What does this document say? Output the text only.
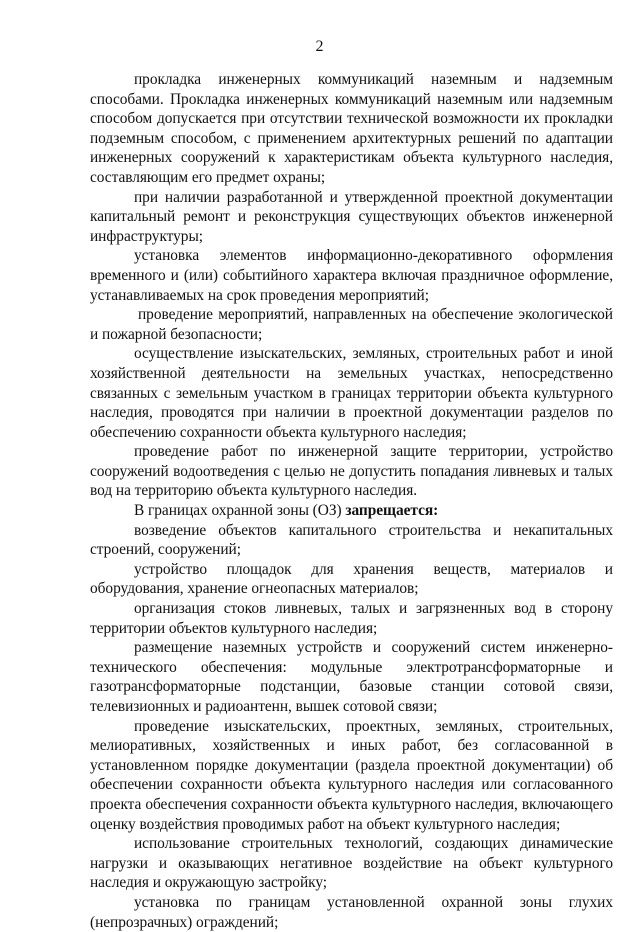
2

прокладка инженерных коммуникаций наземным и надземным способами. Прокладка инженерных коммуникаций наземным или надземным способом допускается при отсутствии технической возможности их прокладки подземным способом, с применением архитектурных решений по адаптации инженерных сооружений к характеристикам объекта культурного наследия, составляющим его предмет охраны;

при наличии разработанной и утвержденной проектной документации капитальный ремонт и реконструкция существующих объектов инженерной инфраструктуры;

установка элементов информационно-декоративного оформления временного и (или) событийного характера включая праздничное оформление, устанавливаемых на срок проведения мероприятий;

проведение мероприятий, направленных на обеспечение экологической и пожарной безопасности;

осуществление изыскательских, земляных, строительных работ и иной хозяйственной деятельности на земельных участках, непосредственно связанных с земельным участком в границах территории объекта культурного наследия, проводятся при наличии в проектной документации разделов по обеспечению сохранности объекта культурного наследия;

проведение работ по инженерной защите территории, устройство сооружений водоотведения с целью не допустить попадания ливневых и талых вод на территорию объекта культурного наследия.

В границах охранной зоны (ОЗ) запрещается:

возведение объектов капитального строительства и некапитальных строений, сооружений;

устройство площадок для хранения веществ, материалов и оборудования, хранение огнеопасных материалов;

организация стоков ливневых, талых и загрязненных вод в сторону территории объектов культурного наследия;

размещение наземных устройств и сооружений систем инженерно-технического обеспечения: модульные электротрансформаторные и газотрансформаторные подстанции, базовые станции сотовой связи, телевизионных и радиоантенн, вышек сотовой связи;

проведение изыскательских, проектных, земляных, строительных, мелиоративных, хозяйственных и иных работ, без согласованной в установленном порядке документации (раздела проектной документации) об обеспечении сохранности объекта культурного наследия или согласованного проекта обеспечения сохранности объекта культурного наследия, включающего оценку воздействия проводимых работ на объект культурного наследия;

использование строительных технологий, создающих динамические нагрузки и оказывающих негативное воздействие на объект культурного наследия и окружающую застройку;

установка по границам установленной охранной зоны глухих (непрозрачных) ограждений;
